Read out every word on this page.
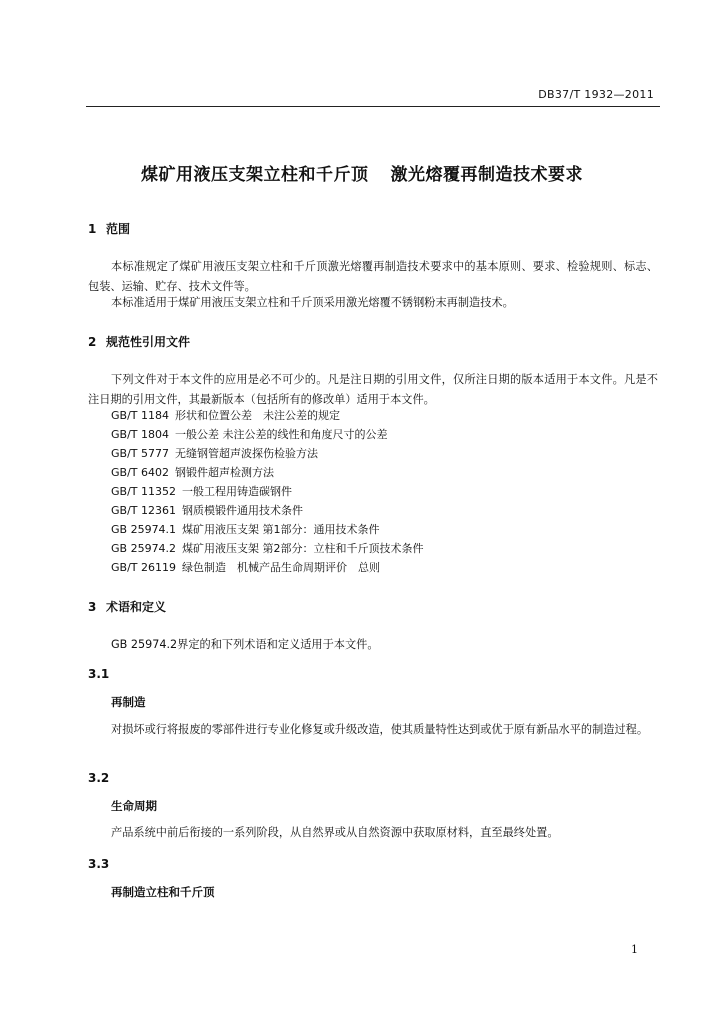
DB37/T 1932—2011
煤矿用液压支架立柱和千斤顶 激光熔覆再制造技术要求
1 范围
本标准规定了煤矿用液压支架立柱和千斤顶激光熔覆再制造技术要求中的基本原则、要求、检验规则、标志、包装、运输、贮存、技术文件等。
本标准适用于煤矿用液压支架立柱和千斤顶采用激光熔覆不锈钢粉末再制造技术。
2 规范性引用文件
下列文件对于本文件的应用是必不可少的。凡是注日期的引用文件，仅所注日期的版本适用于本文件。凡是不注日期的引用文件，其最新版本（包括所有的修改单）适用于本文件。
GB/T 1184 形状和位置公差　未注公差的规定
GB/T 1804 一般公差 未注公差的线性和角度尺寸的公差
GB/T 5777 无缝钢管超声波探伤检验方法
GB/T 6402 钢锻件超声检测方法
GB/T 11352 一般工程用铸造碳钢件
GB/T 12361 钢质模锻件通用技术条件
GB 25974.1 煤矿用液压支架 第1部分：通用技术条件
GB 25974.2 煤矿用液压支架 第2部分：立柱和千斤顶技术条件
GB/T 26119 绿色制造　机械产品生命周期评价　总则
3 术语和定义
GB 25974.2界定的和下列术语和定义适用于本文件。
3.1
再制造
对损坏或行将报废的零部件进行专业化修复或升级改造，使其质量特性达到或优于原有新品水平的制造过程。
3.2
生命周期
产品系统中前后衔接的一系列阶段，从自然界或从自然资源中获取原材料，直至最终处置。
3.3
再制造立柱和千斤顶
1
